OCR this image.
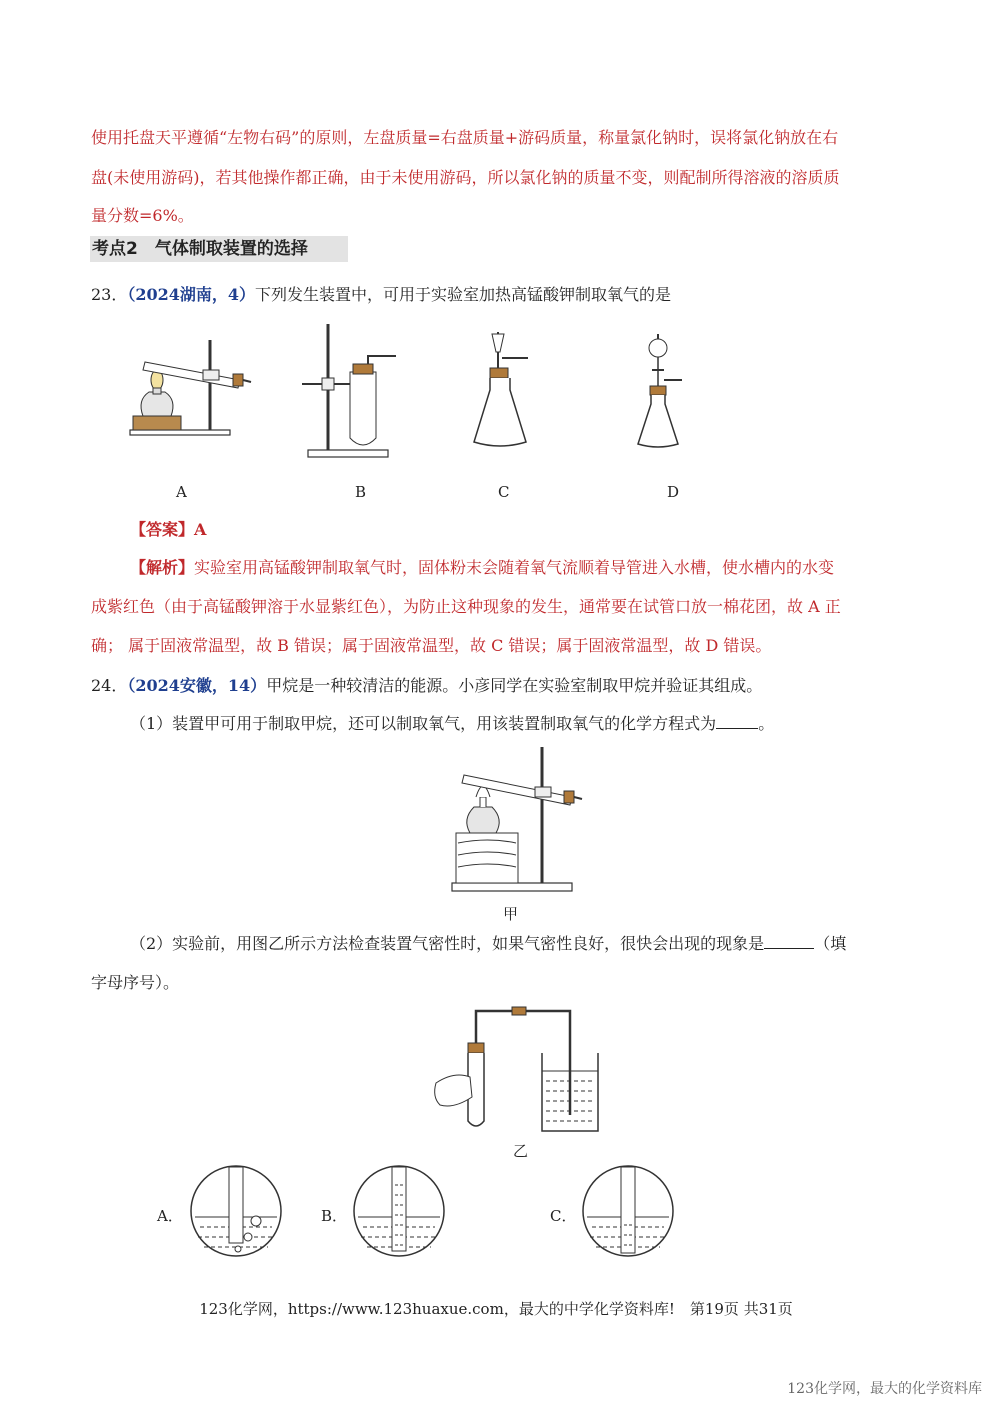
使用托盘天平遵循“左物右码”的原则，左盘质量=右盘质量+游码质量，称量氯化钠时，误将氯化钠放在右
盘(未使用游码)，若其他操作都正确，由于未使用游码，所以氯化钠的质量不变，则配制所得溶液的溶质质
量分数=6%。
考点2　气体制取装置的选择
23．（2024湖南，4）下列发生装置中，可用于实验室加热高锰酸钾制取氧气的是
A	B	C	D
【答案】A
【解析】实验室用高锰酸钾制取氧气时，固体粉末会随着氧气流顺着导管进入水槽，使水槽内的水变
成紫红色（由于高锰酸钾溶于水显紫红色），为防止这种现象的发生，通常要在试管口放一棉花团，故 A 正
确； 属于固液常温型，故 B 错误；属于固液常温型，故 C 错误；属于固液常温型，故 D 错误。
24．（2024安徽，14）甲烷是一种较清洁的能源。小彦同学在实验室制取甲烷并验证其组成。
（1）装置甲可用于制取甲烷，还可以制取氧气，用该装置制取氧气的化学方程式为	。
甲
（2）实验前，用图乙所示方法检查装置气密性时，如果气密性良好，很快会出现的现象是	（填
字母序号）。
乙
A．	B．	C．
123化学网，https://www.123huaxue.com，最大的中学化学资料库!　第19页 共31页
123化学网，最大的化学资料库
